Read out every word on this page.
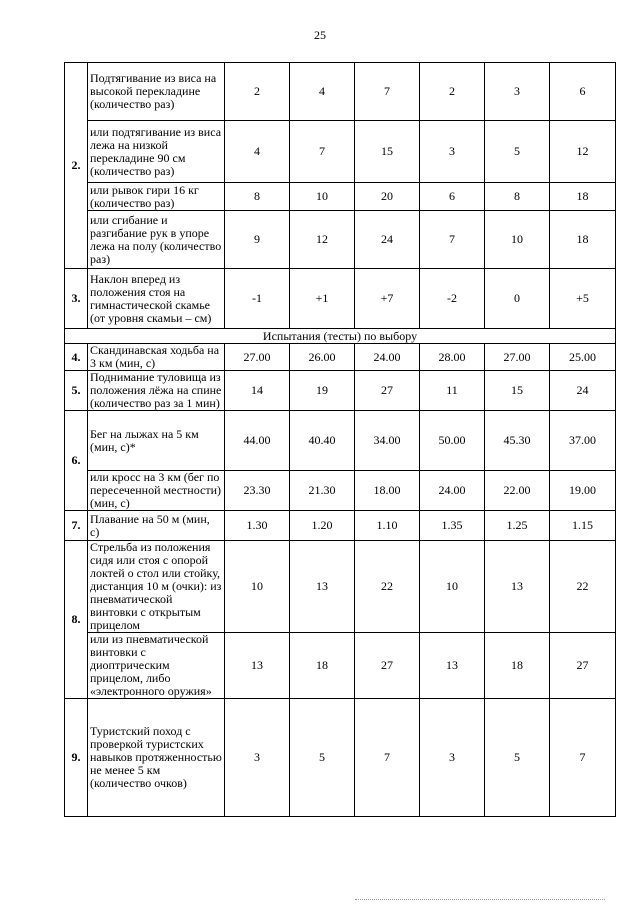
25
2.	Подтягивание из виса на высокой перекладине (количество раз)	2	4	7	2	3	6
	или подтягивание из виса лежа на низкой перекладине 90 см (количество раз)	4	7	15	3	5	12
	или рывок гири 16 кг (количество раз)	8	10	20	6	8	18
	или сгибание и разгибание рук в упоре лежа на полу (количество раз)	9	12	24	7	10	18
3.	Наклон вперед из положения стоя на гимнастической скамье (от уровня скамьи – см)	-1	+1	+7	-2	0	+5
Испытания (тесты) по выбору							
4.	Скандинавская ходьба на 3 км (мин, с)	27.00	26.00	24.00	28.00	27.00	25.00
5.	Поднимание туловища из положения лёжа на спине (количество раз за 1 мин)	14	19	27	11	15	24
6.	Бег на лыжах на 5 км (мин, с)*	44.00	40.40	34.00	50.00	45.30	37.00
	или кросс на 3 км (бег по пересеченной местности) (мин, с)	23.30	21.30	18.00	24.00	22.00	19.00
7.	Плавание на 50 м (мин, с)	1.30	1.20	1.10	1.35	1.25	1.15
8.	Стрельба из положения сидя или стоя с опорой локтей о стол или стойку, дистанция 10 м (очки): из пневматической винтовки с открытым прицелом	10	13	22	10	13	22
	или из пневматической винтовки с диоптрическим прицелом, либо «электронного оружия»	13	18	27	13	18	27
9.	Туристский поход с проверкой туристских навыков протяженностью не менее 5 км (количество очков)	3	5	7	3	5	7
